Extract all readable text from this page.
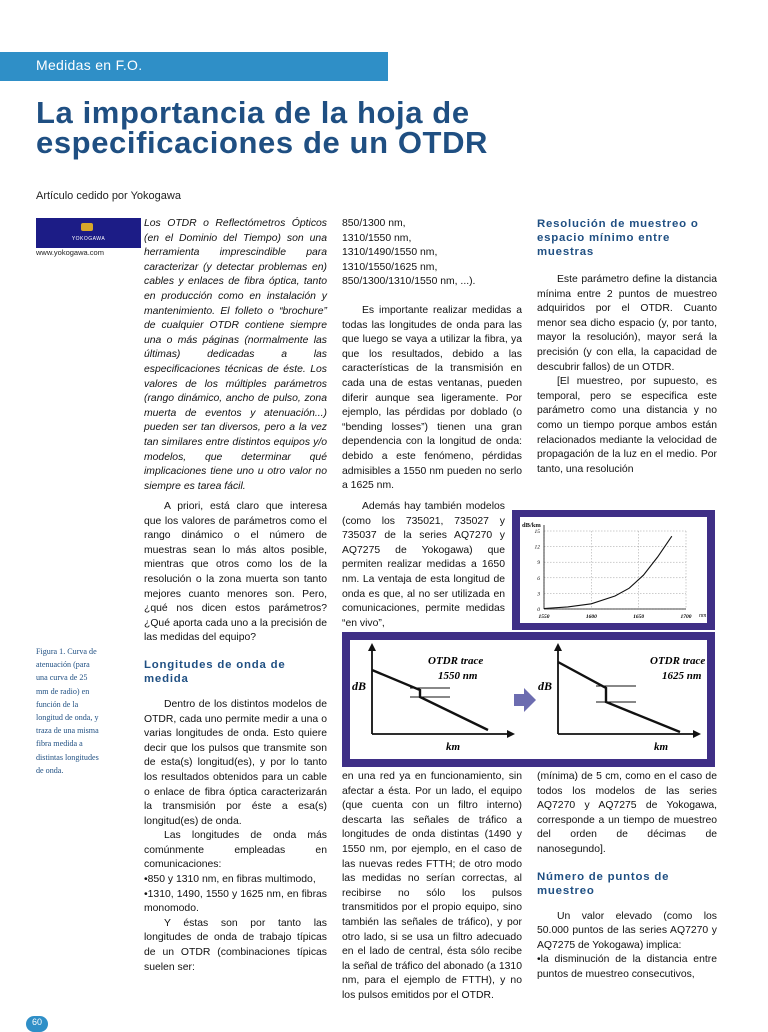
Medidas en F.O.
La importancia de la hoja de
especificaciones de un OTDR
Artículo cedido por Yokogawa
YOKOGAWA
www.yokogawa.com

Los OTDR o Reflectómetros Ópticos (en el Dominio del Tiempo) son una herramienta imprescindible para caracterizar (y detectar problemas en) cables y enlaces de fibra óptica, tanto en producción como en instalación y mantenimiento. El folleto o “brochure” de cualquier OTDR contiene siempre una o más páginas (normalmente las últimas) dedicadas a las especificaciones técnicas de éste. Los valores de los múltiples parámetros (rango dinámico, ancho de pulso, zona muerta de eventos y atenuación...) pueden ser tan diversos, pero a la vez tan similares entre distintos equipos y/o modelos, que determinar qué implicaciones tiene uno u otro valor no siempre es tarea fácil.

A priori, está claro que interesa que los valores de parámetros como el rango dinámico o el número de muestras sean lo más altos posible, mientras que otros como los de la resolución o la zona muerta son tanto mejores cuanto menores son. Pero, ¿qué nos dicen estos parámetros? ¿Qué aporta cada uno a la precisión de las medidas del equipo?

Longitudes de onda de medida

Dentro de los distintos modelos de OTDR, cada uno permite medir a una o varias longitudes de onda. Esto quiere decir que los pulsos que transmite son de esta(s) longitud(es), y por lo tanto los resultados obtenidos para un cable o enlace de fibra óptica caracterizarán la transmisión por éste a esa(s) longitud(es) de onda.

Las longitudes de onda más comúnmente empleadas en comunicaciones:

•850 y 1310 nm, en fibras multimodo,

•1310, 1490, 1550 y 1625 nm, en fibras monomodo.

Y éstas son por tanto las longitudes de onda de trabajo típicas de un OTDR (combinaciones típicas suelen ser:

Figura 1. Curva de atenuación (para una curva de 25 mm de radio) en función de la longitud de onda, y traza de una misma fibra medida a distintas longitudes de onda.

850/1300 nm,

1310/1550 nm,

1310/1490/1550 nm,

1310/1550/1625 nm,

850/1300/1310/1550 nm, ...).

Es importante realizar medidas a todas las longitudes de onda para las que luego se vaya a utilizar la fibra, ya que los resultados, debido a las características de la transmisión en cada una de estas ventanas, pueden diferir aunque sea ligeramente. Por ejemplo, las pérdidas por doblado (o “bending losses”) tienen una gran dependencia con la longitud de onda: debido a este fenómeno, pérdidas admisibles a 1550 nm pueden no serlo a 1625 nm.

Además hay también modelos (como los 735021, 735027 y 735037 de la series AQ7270 y AQ7275 de Yokogawa) que permiten realizar medidas a 1650 nm. La ventaja de esta longitud de onda es que, al no ser utilizada en comunicaciones, permite medidas “en vivo”,

en una red ya en funcionamiento, sin afectar a ésta. Por un lado, el equipo (que cuenta con un filtro interno) descarta las señales de tráfico a longitudes de onda distintas (1490 y 1550 nm, por ejemplo, en el caso de las nuevas redes FTTH; de otro modo las medidas no serían correctas, al recibirse no sólo los pulsos transmitidos por el propio equipo, sino también las señales de tráfico), y por otro lado, si se usa un filtro adecuado en el lado de central, ésta sólo recibe la señal de tráfico del abonado (a 1310 nm, para el ejemplo de FTTH), y no los pulsos emitidos por el OTDR.

Resolución de muestreo o espacio mínimo entre muestras

Este parámetro define la distancia mínima entre 2 puntos de muestreo adquiridos por el OTDR. Cuanto menor sea dicho espacio (y, por tanto, mayor la resolución), mayor será la precisión (y con ella, la capacidad de descubrir fallos) de un OTDR.

[El muestreo, por supuesto, es temporal, pero se especifica este parámetro como una distancia y no como un tiempo porque ambos están relacionados mediante la velocidad de propagación de la luz en el medio. Por tanto, una resolución

(mínima) de 5 cm, como en el caso de todos los modelos de las series AQ7270 y AQ7275 de Yokogawa, corresponde a un tiempo de muestreo del orden de décimas de nanosegundo].

Número de puntos de muestreo

Un valor elevado (como los 50.000 puntos de las series AQ7270 y AQ7275 de Yokogawa) implica:

•la disminución de la distancia entre puntos de muestreo consecutivos,

dB/km
nm
0
3
6
9
12
15
1550	1600	1650	1700
dB
km
OTDR trace
1550 nm
dB
km
OTDR trace
1625 nm
60
